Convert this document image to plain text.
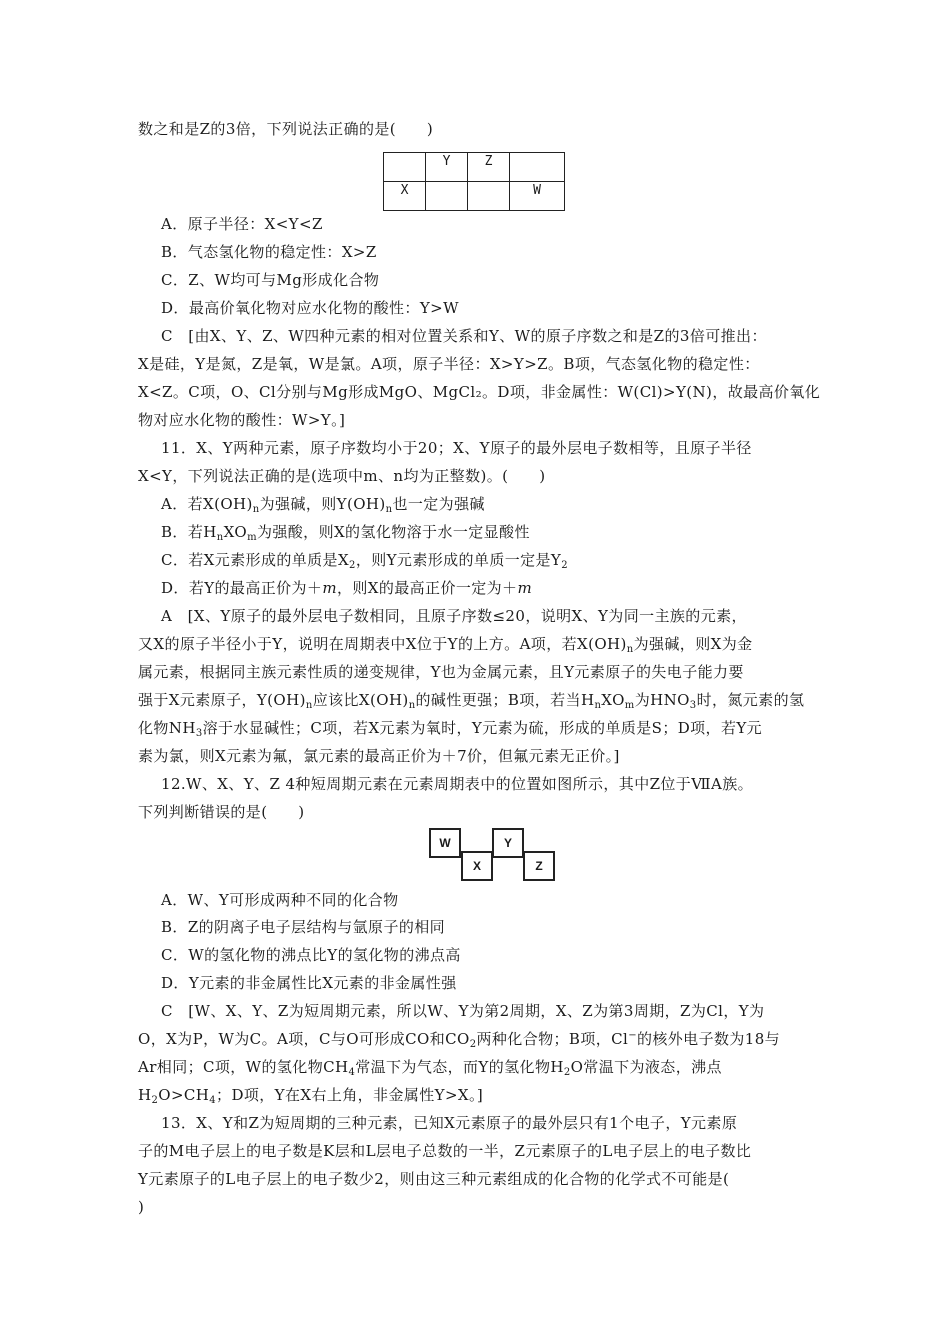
数之和是Z的3倍，下列说法正确的是(　　)
	Y	Z	
X			W
A．原子半径：X<Y<Z
B．气态氢化物的稳定性：X>Z
C．Z、W均可与Mg形成化合物
D．最高价氧化物对应水化物的酸性：Y>W
C　[由X、Y、Z、W四种元素的相对位置关系和Y、W的原子序数之和是Z的3倍可推出：
X是硅，Y是氮，Z是氧，W是氯。A项，原子半径：X>Y>Z。B项，气态氢化物的稳定性：
X<Z。C项，O、Cl分别与Mg形成MgO、MgCl₂。D项，非金属性：W(Cl)>Y(N)，故最高价氧化
物对应水化物的酸性：W>Y。]
11．X、Y两种元素，原子序数均小于20；X、Y原子的最外层电子数相等，且原子半径
X<Y，下列说法正确的是(选项中m、n均为正整数)。(　　)
A．若$X(OH)_n$为强碱，则$Y(OH)_n$也一定为强碱
B．若$H_nXO_m$为强酸，则X的氢化物溶于水一定显酸性
C．若X元素形成的单质是$X_2$，则Y元素形成的单质一定是$Y_2$
D．若Y的最高正价为＋m，则X的最高正价一定为＋m
A　[X、Y原子的最外层电子数相同，且原子序数≤20，说明X、Y为同一主族的元素，
又X的原子半径小于Y，说明在周期表中X位于Y的上方。A项，若$X(OH)_n$为强碱，则X为金
属元素，根据同主族元素性质的递变规律，Y也为金属元素，且Y元素原子的失电子能力要
强于X元素原子，$Y(OH)_n$应该比$X(OH)_n$的碱性更强；B项，若当$H_nXO_m$为$HNO_3$时，氮元素的氢
化物$NH_3$溶于水显碱性；C项，若X元素为氧时，Y元素为硫，形成的单质是S；D项，若Y元
素为氯，则X元素为氟，氯元素的最高正价为＋7价，但氟元素无正价。]
12.W、X、Y、Z 4种短周期元素在元素周期表中的位置如图所示，其中Z位于ⅦA族。
下列判断错误的是(　　)
W	Y
X	Z
A．W、Y可形成两种不同的化合物
B．Z的阴离子电子层结构与氩原子的相同
C．W的氢化物的沸点比Y的氢化物的沸点高
D．Y元素的非金属性比X元素的非金属性强
C　[W、X、Y、Z为短周期元素，所以W、Y为第2周期，X、Z为第3周期，Z为Cl，Y为
O，X为P，W为C。A项，C与O可形成CO和$CO_2$两种化合物；B项，Cl−的核外电子数为18与
Ar相同；C项，W的氢化物$CH_4$常温下为气态，而Y的氢化物$H_2O$常温下为液态，沸点
$H_2O>CH_4$；D项，Y在X右上角，非金属性Y>X。]
13．X、Y和Z为短周期的三种元素，已知X元素原子的最外层只有1个电子，Y元素原
子的M电子层上的电子数是K层和L层电子总数的一半，Z元素原子的L电子层上的电子数比
Y元素原子的L电子层上的电子数少2，则由这三种元素组成的化合物的化学式不可能是(
)
